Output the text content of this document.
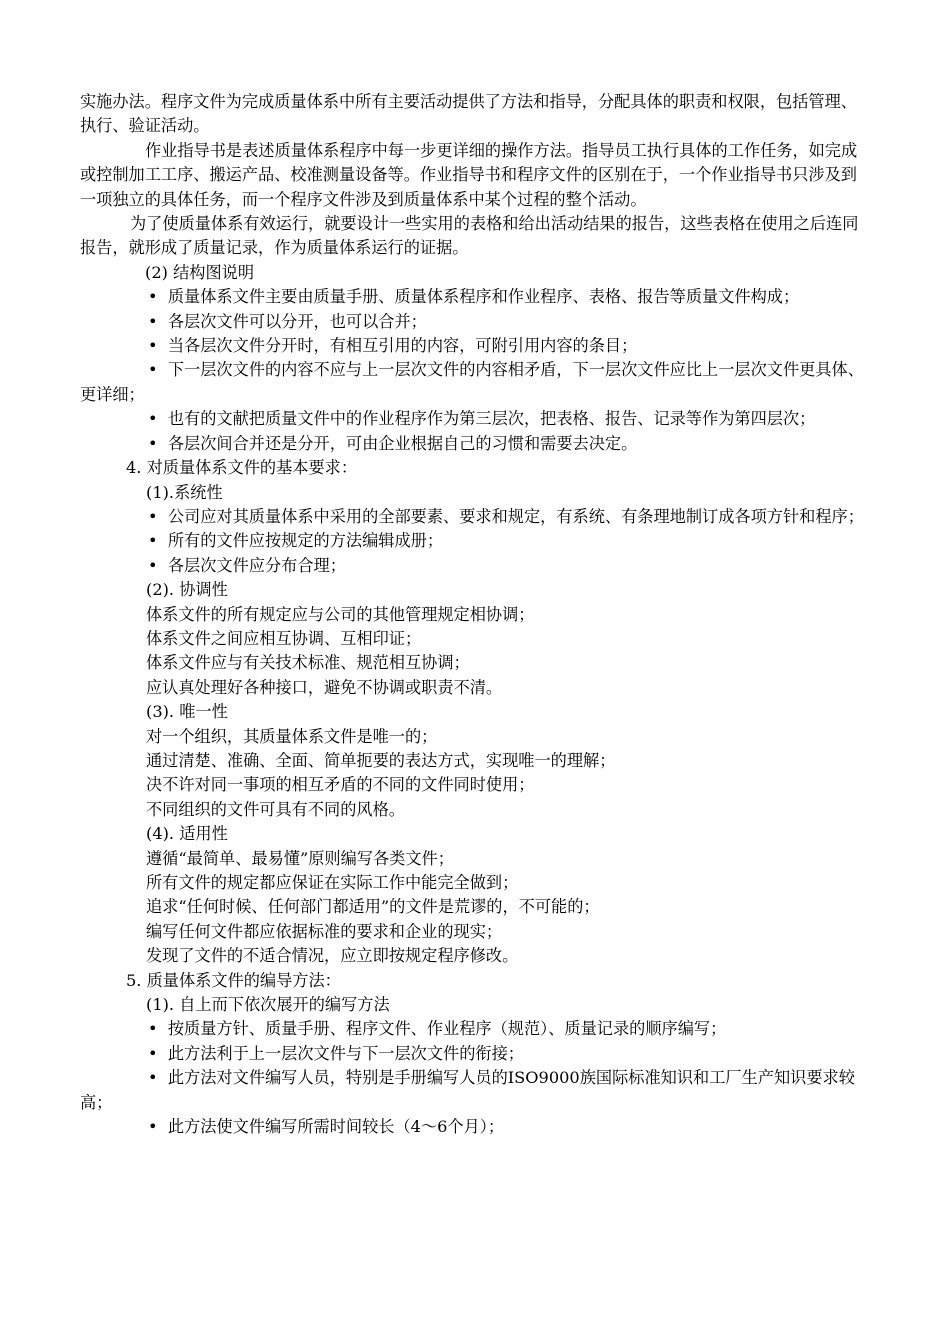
实施办法。程序文件为完成质量体系中所有主要活动提供了方法和指导，分配具体的职责和权限，包括管理、执行、验证活动。

作业指导书是表述质量体系程序中每一步更详细的操作方法。指导员工执行具体的工作任务，如完成或控制加工工序、搬运产品、校准测量设备等。作业指导书和程序文件的区别在于，一个作业指导书只涉及到一项独立的具体任务，而一个程序文件涉及到质量体系中某个过程的整个活动。

为了使质量体系有效运行，就要设计一些实用的表格和给出活动结果的报告，这些表格在使用之后连同报告，就形成了质量记录，作为质量体系运行的证据。

(2) 结构图说明

•  质量体系文件主要由质量手册、质量体系程序和作业程序、表格、报告等质量文件构成；

•  各层次文件可以分开，也可以合并；

•  当各层次文件分开时，有相互引用的内容，可附引用内容的条目；

•  下一层次文件的内容不应与上一层次文件的内容相矛盾，下一层次文件应比上一层次文件更具体、更详细；

•  也有的文献把质量文件中的作业程序作为第三层次，把表格、报告、记录等作为第四层次；

•  各层次间合并还是分开，可由企业根据自己的习惯和需要去决定。

4. 对质量体系文件的基本要求：

(1).系统性

•  公司应对其质量体系中采用的全部要素、要求和规定，有系统、有条理地制订成各项方针和程序；

•  所有的文件应按规定的方法编辑成册；

•  各层次文件应分布合理；

(2). 协调性

体系文件的所有规定应与公司的其他管理规定相协调；

体系文件之间应相互协调、互相印证；

体系文件应与有关技术标准、规范相互协调；

应认真处理好各种接口，避免不协调或职责不清。

(3). 唯一性

对一个组织，其质量体系文件是唯一的；

通过清楚、准确、全面、简单扼要的表达方式，实现唯一的理解；

决不许对同一事项的相互矛盾的不同的文件同时使用；

不同组织的文件可具有不同的风格。

(4). 适用性

遵循“最简单、最易懂”原则编写各类文件；

所有文件的规定都应保证在实际工作中能完全做到；

追求“任何时候、任何部门都适用”的文件是荒谬的，不可能的；

编写任何文件都应依据标准的要求和企业的现实；

发现了文件的不适合情况，应立即按规定程序修改。

5. 质量体系文件的编导方法：

(1). 自上而下依次展开的编写方法

•  按质量方针、质量手册、程序文件、作业程序（规范）、质量记录的顺序编写；

•  此方法利于上一层次文件与下一层次文件的衔接；

•  此方法对文件编写人员，特别是手册编写人员的ISO9000族国际标准知识和工厂生产知识要求较高；

•  此方法使文件编写所需时间较长（4～6个月）；
